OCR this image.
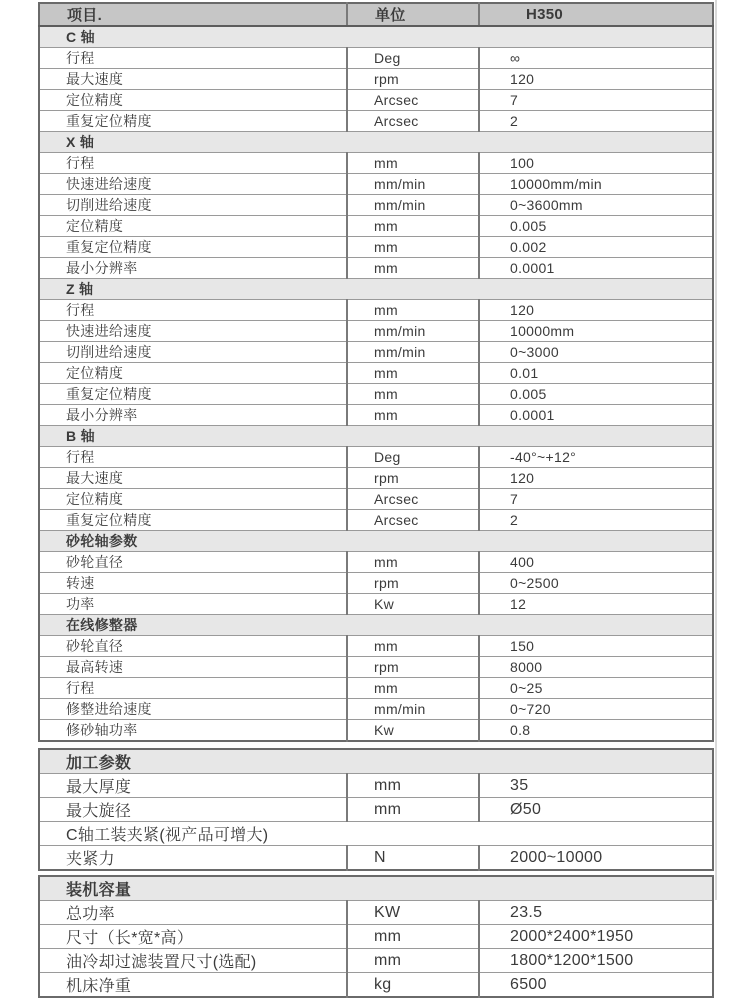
项目.	单位	H350
C 轴		
行程	Deg	∞
最大速度	rpm	120
定位精度	Arcsec	7
重复定位精度	Arcsec	2
X 轴		
行程	mm	100
快速进给速度	mm/min	10000mm/min
切削进给速度	mm/min	0~3600mm
定位精度	mm	0.005
重复定位精度	mm	0.002
最小分辨率	mm	0.0001
Z 轴		
行程	mm	120
快速进给速度	mm/min	10000mm
切削进给速度	mm/min	0~3000
定位精度	mm	0.01
重复定位精度	mm	0.005
最小分辨率	mm	0.0001
B 轴		
行程	Deg	-40°~+12°
最大速度	rpm	120
定位精度	Arcsec	7
重复定位精度	Arcsec	2
砂轮轴参数		
砂轮直径	mm	400
转速	rpm	0~2500
功率	Kw	12
在线修整器		
砂轮直径	mm	150
最高转速	rpm	8000
行程	mm	0~25
修整进给速度	mm/min	0~720
修砂轴功率	Kw	0.8
加工参数		
最大厚度	mm	35
最大旋径	mm	Ø50
C轴工装夹紧(视产品可增大)		
夹紧力	N	2000~10000
装机容量		
总功率	KW	23.5
尺寸（长*宽*高）	mm	2000*2400*1950
油冷却过滤装置尺寸(选配)	mm	1800*1200*1500
机床净重	kg	6500
